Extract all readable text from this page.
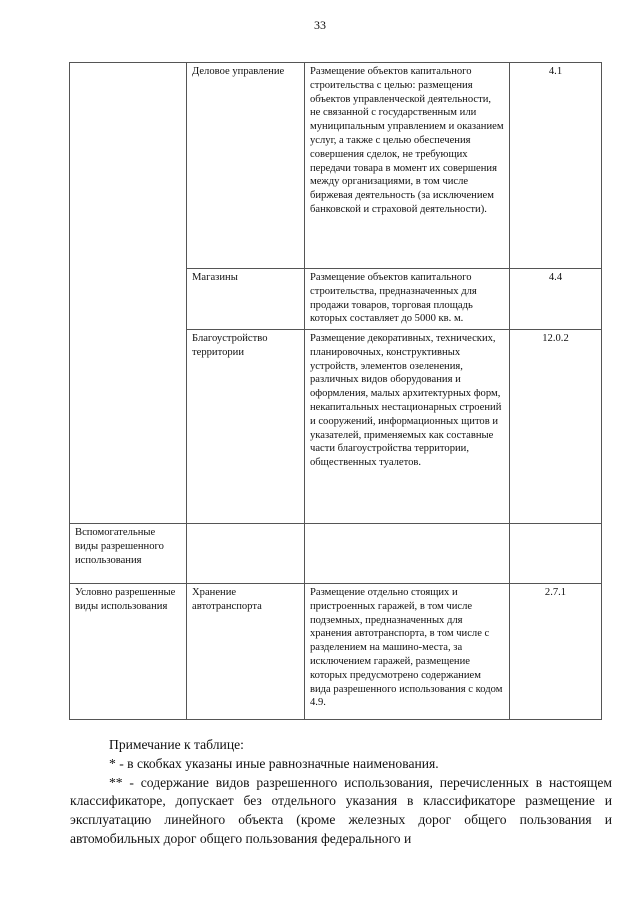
33
	Деловое управление	Размещение объектов капитального строительства с целью: размещения объектов управленческой деятельности, не связанной с государственным или муниципальным управлением и оказанием услуг, а также с целью обеспечения совершения сделок, не требующих передачи товара в момент их совершения между организациями, в том числе биржевая деятельность (за исключением банковской и страховой деятельности).	4.1
	Магазины	Размещение объектов капитального строительства, предназначенных для продажи товаров, торговая площадь которых составляет до 5000 кв. м.	4.4
	Благоустройство территории	Размещение декоративных, технических, планировочных, конструктивных устройств, элементов озеленения, различных видов оборудования и оформления, малых архитектурных форм, некапитальных нестационарных строений и сооружений, информационных щитов и указателей, применяемых как составные части благоустройства территории, общественных туалетов.	12.0.2
Вспомогательные виды разрешенного использования			
Условно разрешенные виды использования	Хранение автотранспорта	Размещение отдельно стоящих и пристроенных гаражей, в том числе подземных, предназначенных для хранения автотранспорта, в том числе с разделением на машино-места, за исключением гаражей, размещение которых предусмотрено содержанием вида разрешенного использования с кодом 4.9.	2.7.1

Примечание к таблице:

* - в скобках указаны иные равнозначные наименования.

** - содержание видов разрешенного использования, перечисленных в настоящем классификаторе, допускает без отдельного указания в классификаторе размещение и эксплуатацию линейного объекта (кроме железных дорог общего пользования и автомобильных дорог общего пользования федерального и
